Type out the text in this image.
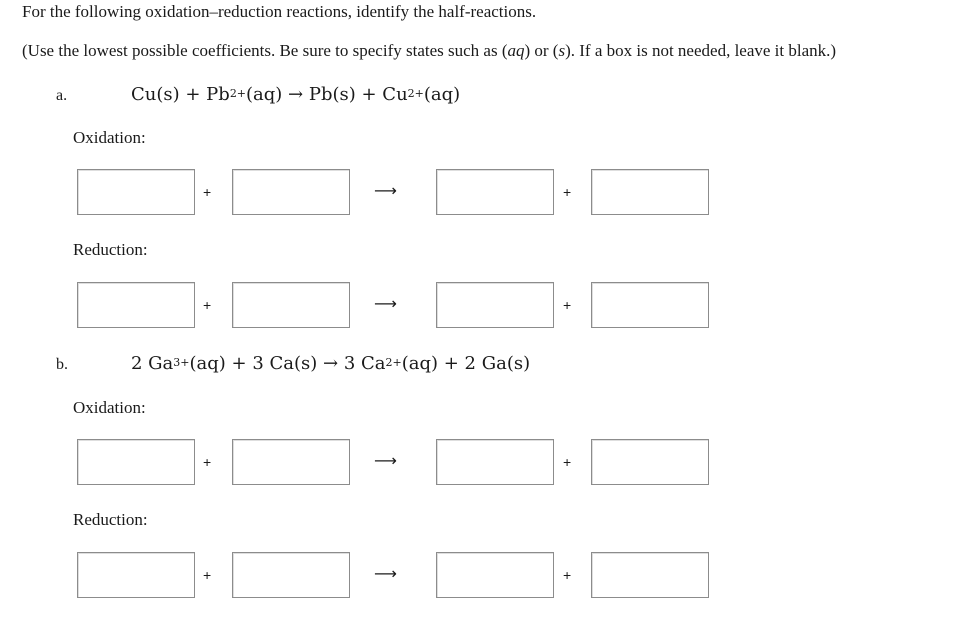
For the following oxidation–reduction reactions, identify the half-reactions.
(Use the lowest possible coefficients. Be sure to specify states such as (aq) or (s). If a box is not needed, leave it blank.)
a.	$Cu(s) + Pb^{2+}(aq) \to Pb(s) + Cu^{2+}(aq)$
Oxidation:
+	⟶	+
Reduction:
+	⟶	+
b.	2 $Ga^{3+}(aq) + 3$ Ca(s) → 3 $Ca^{2+}(aq) + 2$ Ga(s)
Oxidation:
+	⟶	+
Reduction:
+	⟶	+
